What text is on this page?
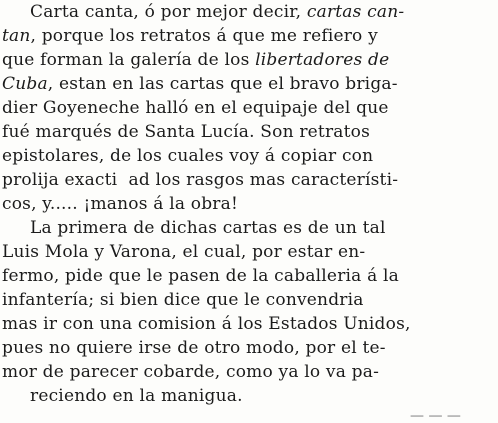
Carta canta, ó por mejor decir, cartas can-
tan, porque los retratos á que me refiero y
que forman la galería de los libertadores de
Cuba, estan en las cartas que el bravo briga-
dier Goyeneche halló en el equipaje del que
fué marqués de Santa Lucía. Son retratos
epistolares, de los cuales voy á copiar con
prolija exacti  ad los rasgos mas característi-
cos, y..... ¡manos á la obra!
La primera de dichas cartas es de un tal
Luis Mola y Varona, el cual, por estar en-
fermo, pide que le pasen de la caballeria á la
infantería; si bien dice que le convendria
mas ir con una comision á los Estados Unidos,
pues no quiere irse de otro modo, por el te-
mor de parecer cobarde, como ya lo va pa-
reciendo en la manigua.
— — —
